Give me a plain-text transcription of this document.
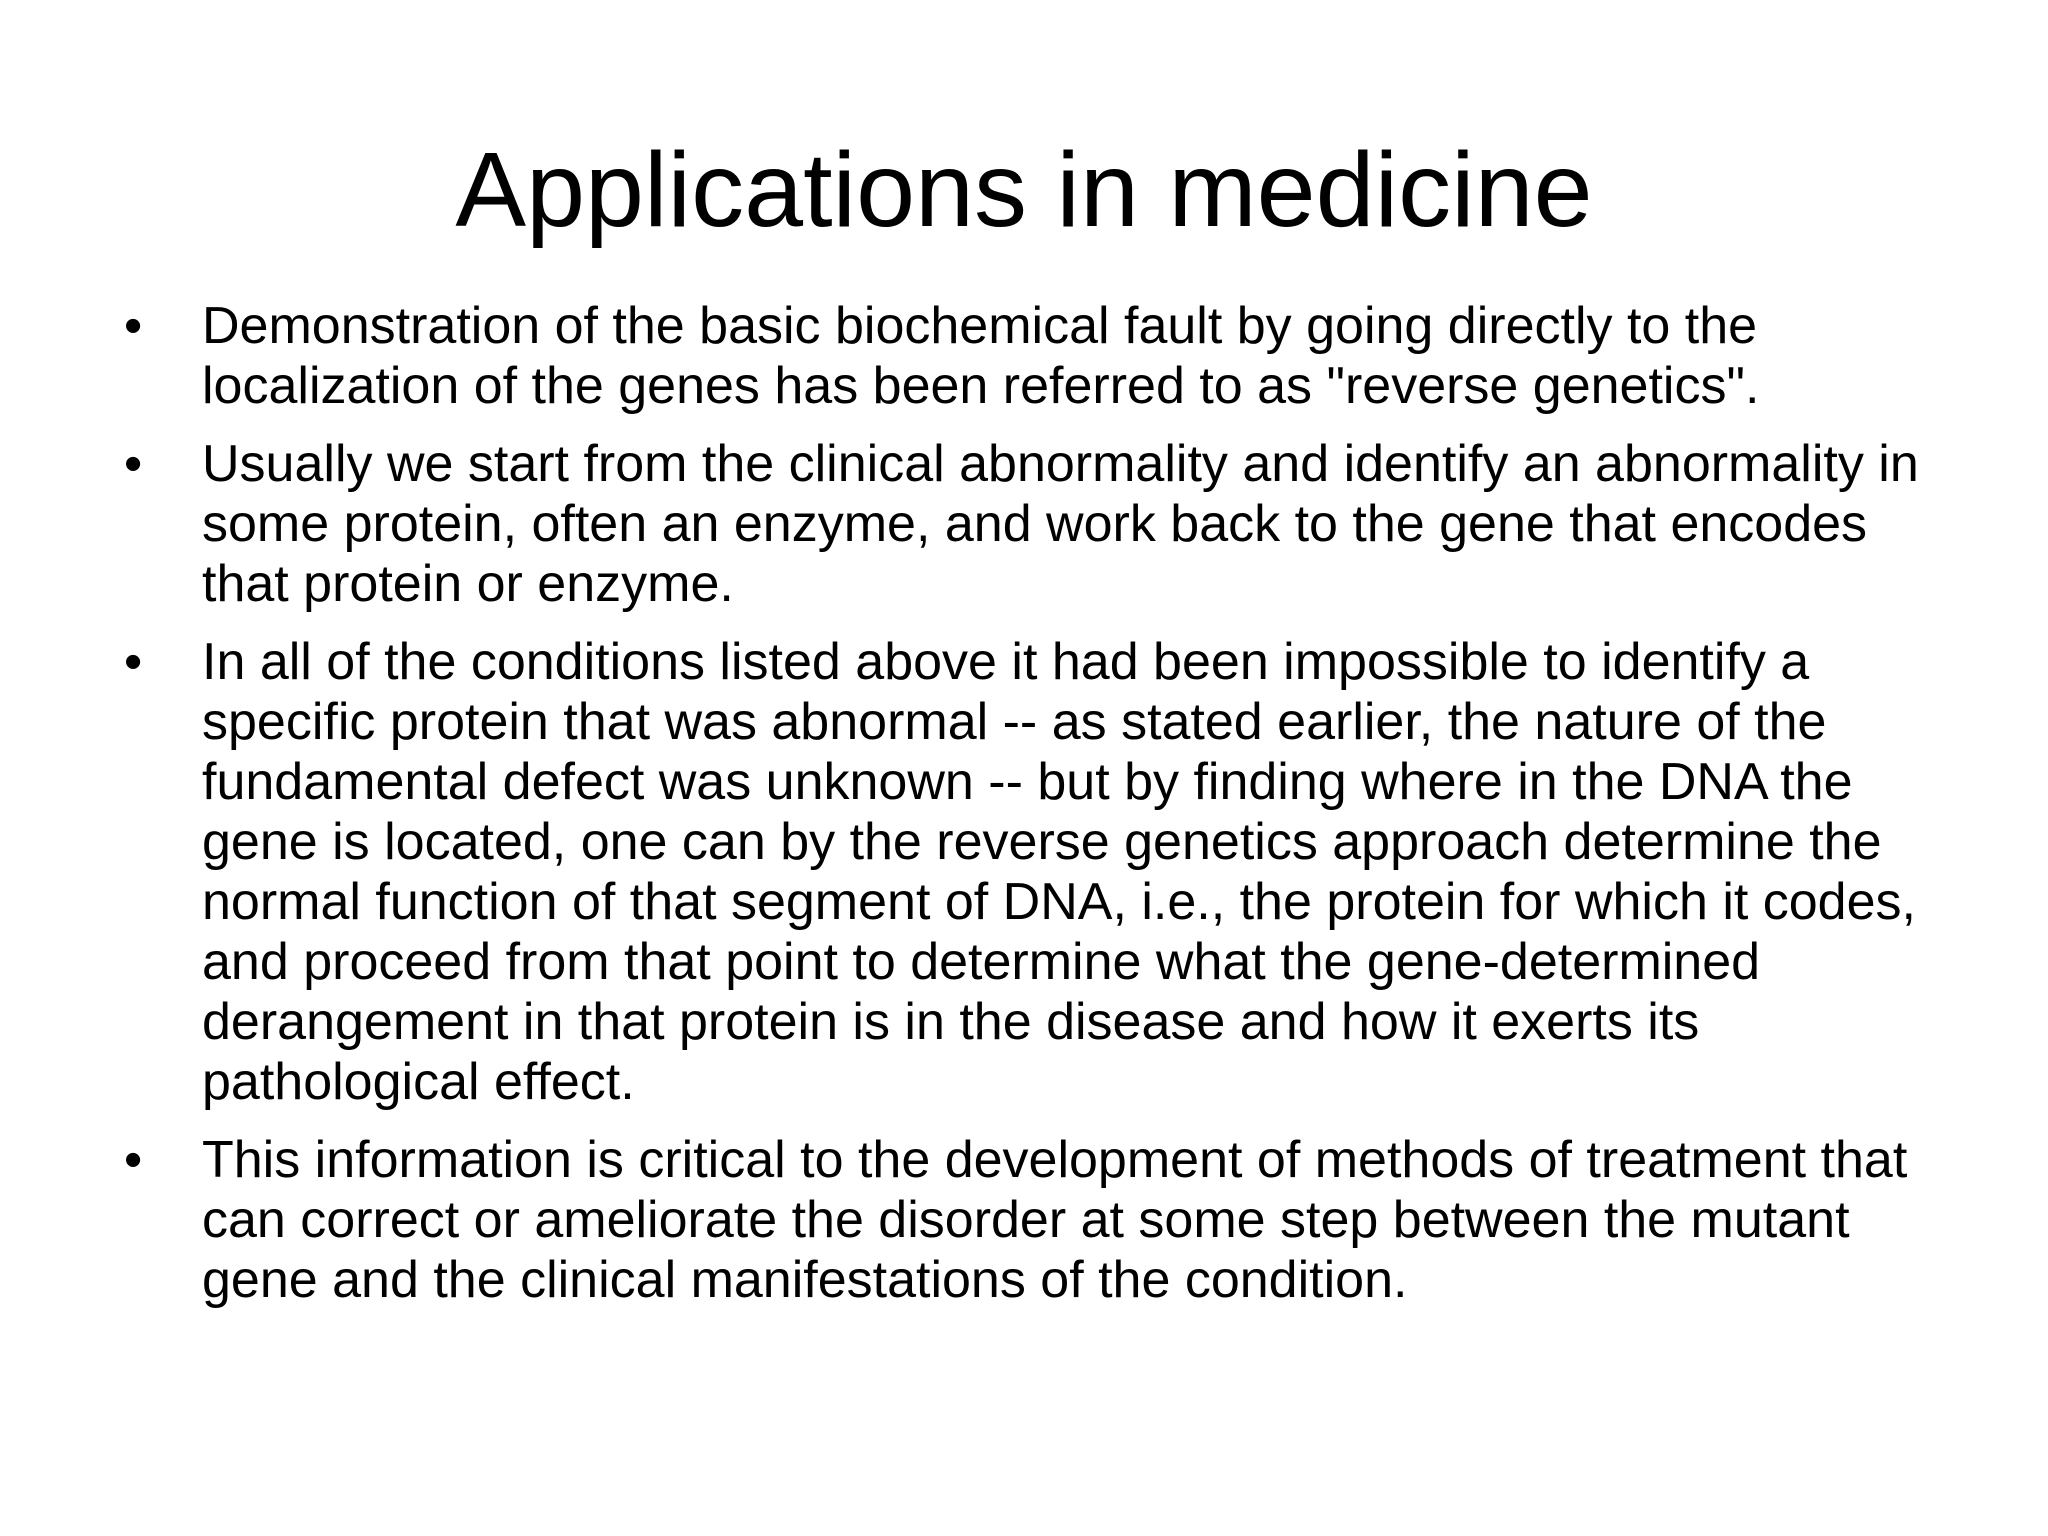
Applications in medicine
• Demonstration of the basic biochemical fault by going directly to the localization of the genes has been referred to as "reverse genetics".
• Usually we start from the clinical abnormality and identify an abnormality in some protein, often an enzyme, and work back to the gene that encodes that protein or enzyme.
• In all of the conditions listed above it had been impossible to identify a specific protein that was abnormal -- as stated earlier, the nature of the fundamental defect was unknown -- but by finding where in the DNA the gene is located, one can by the reverse genetics approach determine the normal function of that segment of DNA, i.e., the protein for which it codes, and proceed from that point to determine what the gene-determined derangement in that protein is in the disease and how it exerts its pathological effect.
• This information is critical to the development of methods of treatment that can correct or ameliorate the disorder at some step between the mutant gene and the clinical manifestations of the condition.
